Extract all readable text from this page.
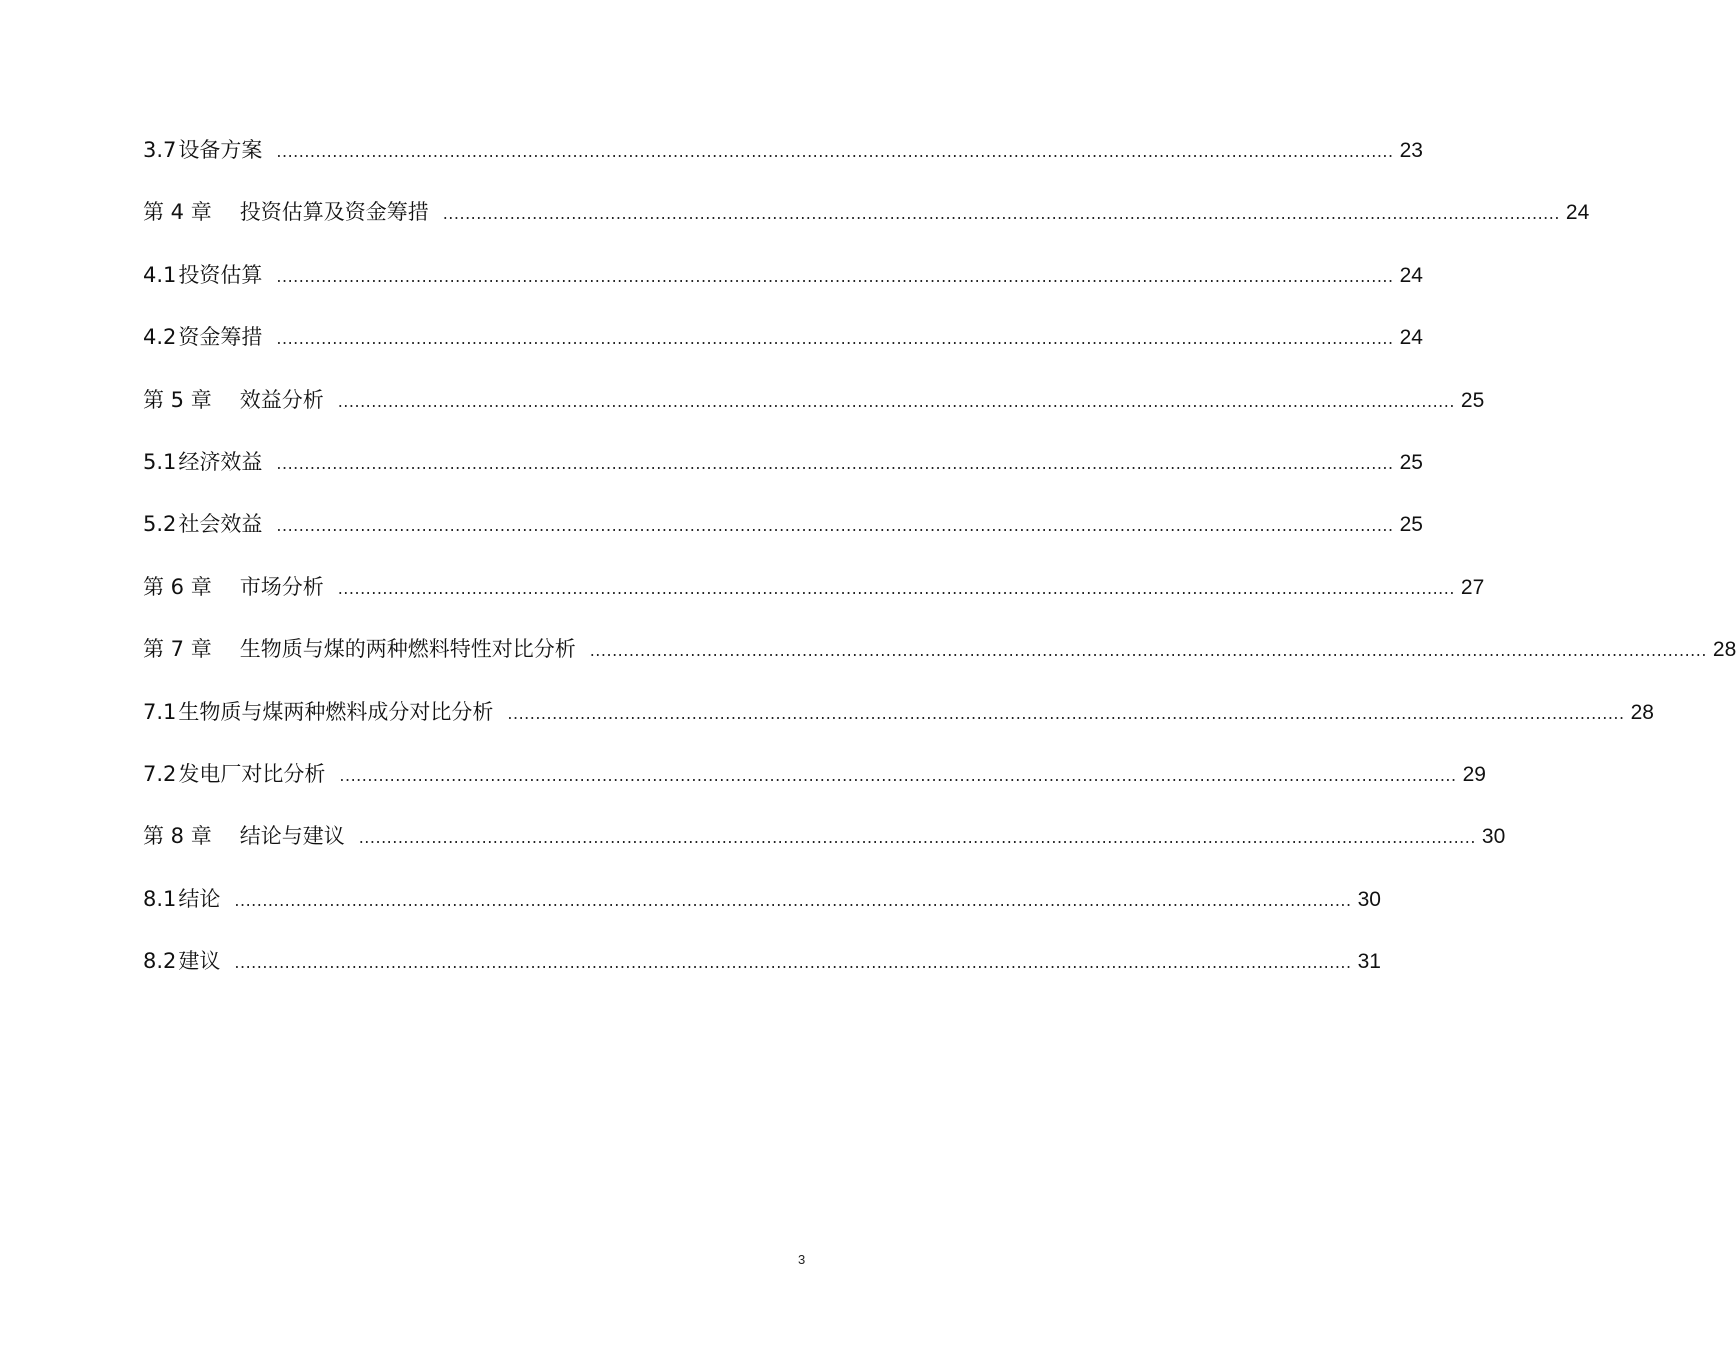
3.7 设备方案 ........................................................................................................................................................................................................ 23
第 4 章 投资估算及资金筹措 ........................................................................................................................................................................................................ 24
4.1 投资估算 ........................................................................................................................................................................................................ 24
4.2 资金筹措 ........................................................................................................................................................................................................ 24
第 5 章 效益分析 ........................................................................................................................................................................................................ 25
5.1 经济效益 ........................................................................................................................................................................................................ 25
5.2 社会效益 ........................................................................................................................................................................................................ 25
第 6 章 市场分析 ........................................................................................................................................................................................................ 27
第 7 章 生物质与煤的两种燃料特性对比分析 ........................................................................................................................................................................................................ 28
7.1 生物质与煤两种燃料成分对比分析 ........................................................................................................................................................................................................ 28
7.2 发电厂对比分析 ........................................................................................................................................................................................................ 29
第 8 章 结论与建议 ........................................................................................................................................................................................................ 30
8.1 结论 ........................................................................................................................................................................................................ 30
8.2 建议 ........................................................................................................................................................................................................ 31
3
